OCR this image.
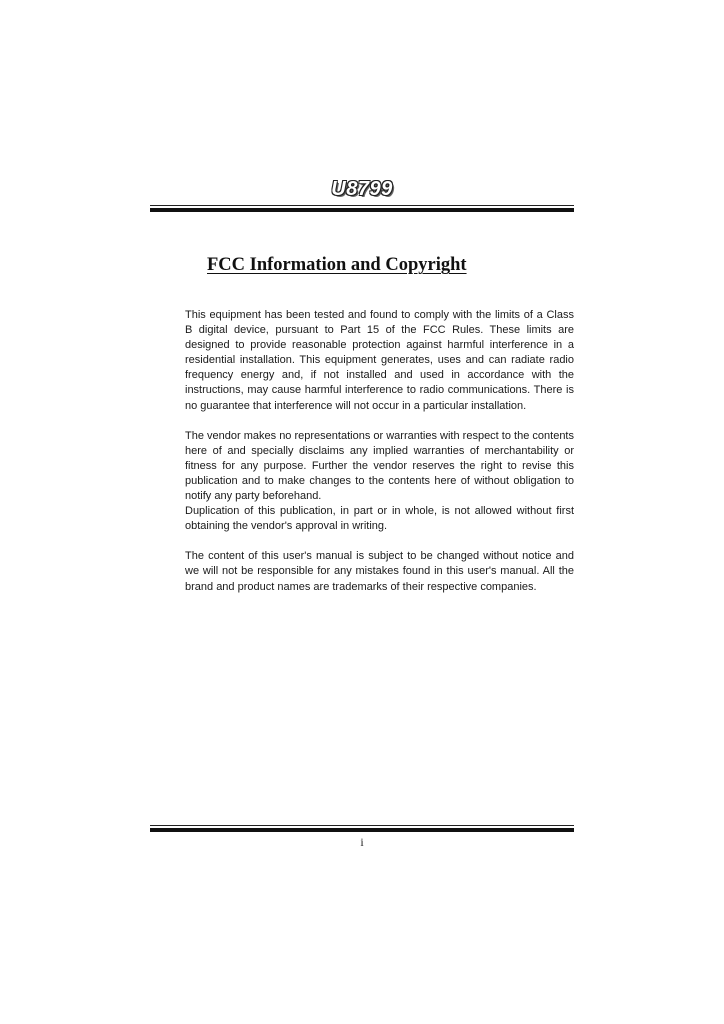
U8799
FCC Information and Copyright

This equipment has been tested and found to comply with the limits of a Class B digital device, pursuant to Part 15 of the FCC Rules. These limits are designed to provide reasonable protection against harmful interference in a residential installation. This equipment generates, uses and can radiate radio frequency energy and, if not installed and used in accordance with the instructions, may cause harmful interference to radio communications. There is no guarantee that interference will not occur in a particular installation.

The vendor makes no representations or warranties with respect to the contents here of and specially disclaims any implied warranties of merchantability or fitness for any purpose. Further the vendor reserves the right to revise this publication and to make changes to the contents here of without obligation to notify any party beforehand.

Duplication of this publication, in part or in whole, is not allowed without first obtaining the vendor's approval in writing.

The content of this user's manual is subject to be changed without notice and we will not be responsible for any mistakes found in this user's manual. All the brand and product names are trademarks of their respective companies.

i
